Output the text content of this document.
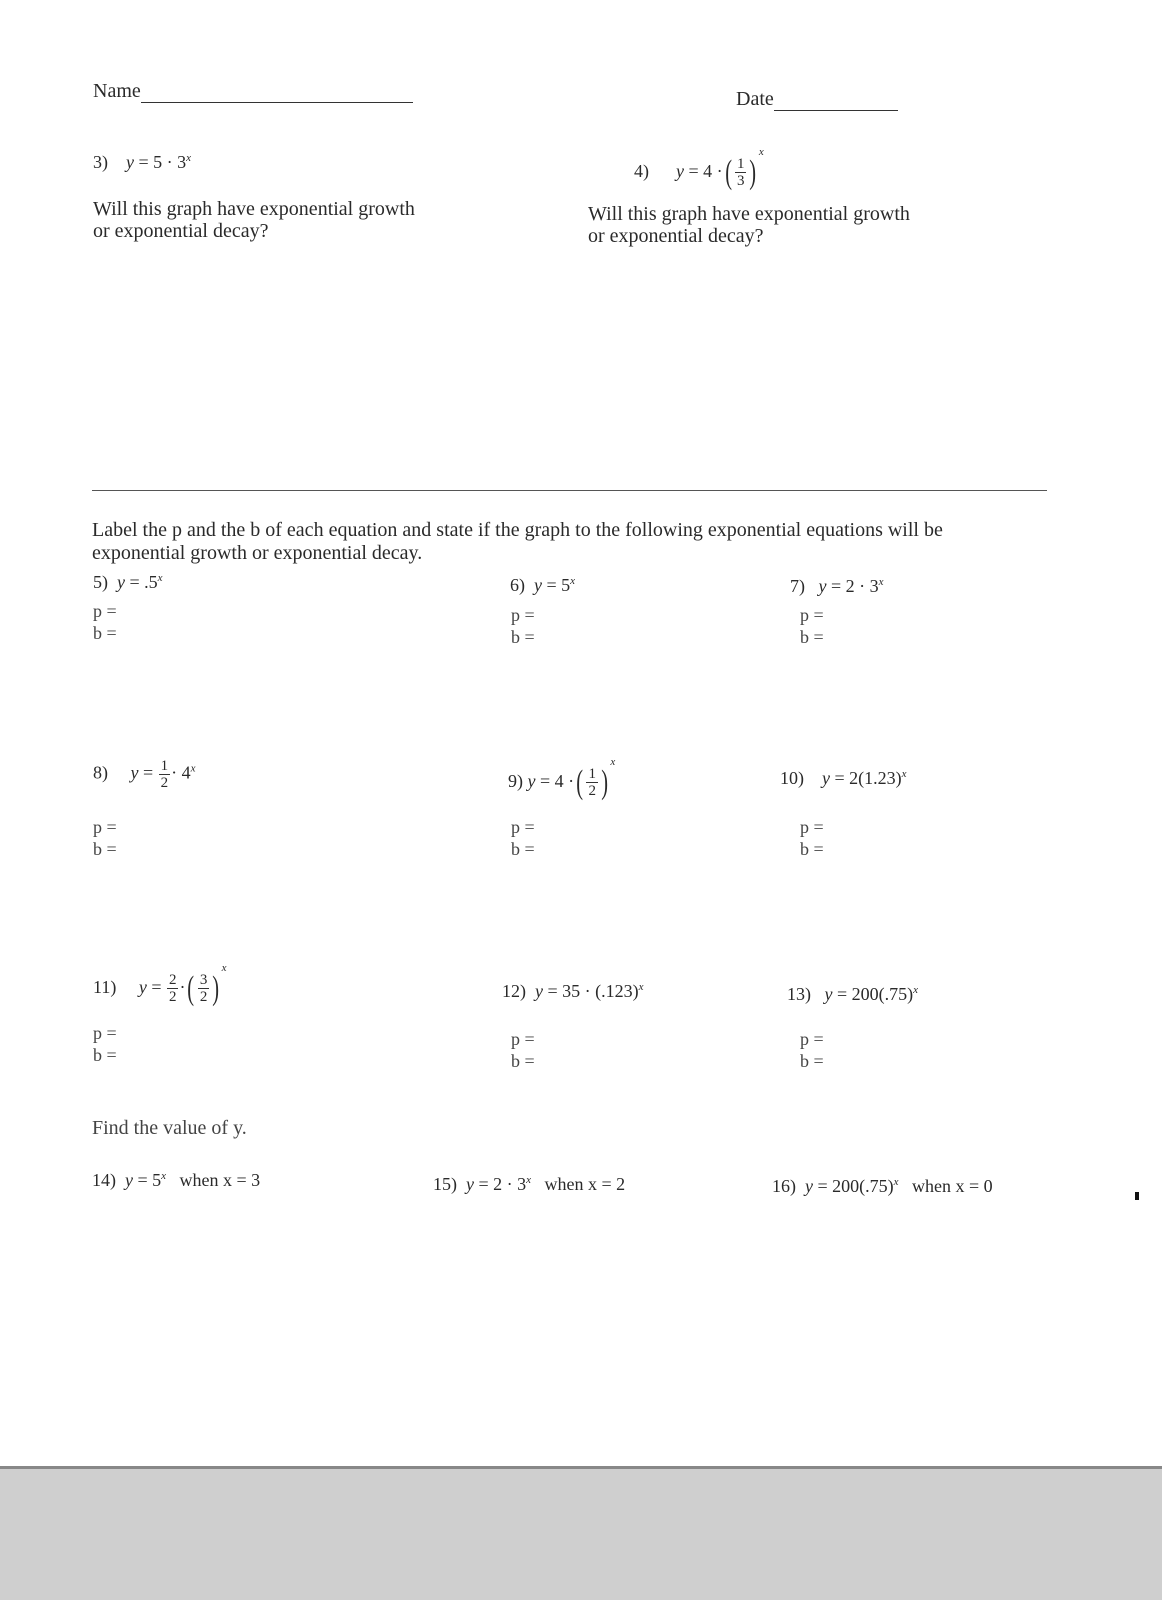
Name	Date
3) $y = 5 \cdot 3^x$
Will this graph have exponential growth
or exponential decay?
4) y = 4 ·( $\frac{1}{3} )^x$
Will this graph have exponential growth
or exponential decay?
Label the p and the b of each equation and state if the graph to the following exponential equations will be
exponential growth or exponential decay.
5) $y = .5^x$
p =
b =
6) $y = 5^x$
p =
b =
7) $y = 2 \cdot 3^x$
p =
b =
8) $y = \frac{1}{2} \cdot 4^x$
p =
b =
9) y = 4 ·( $\frac{1}{2} )^x$
p =
b =
10) $y = 2(1.23)^x$
p =
b =
11) $y = \frac{2}{2}$ ·( $\frac{3}{2} )^x$
p =
b =
12) $y = 35 \cdot (.123)^x$
p =
b =
13) $y = 200(.75)^x$
p =
b =
Find the value of y.
14) $y = 5^x$ when x = 3	15) $y = 2 \cdot 3^x$ when x = 2	16) $y = 200(.75)^x$ when x = 0
